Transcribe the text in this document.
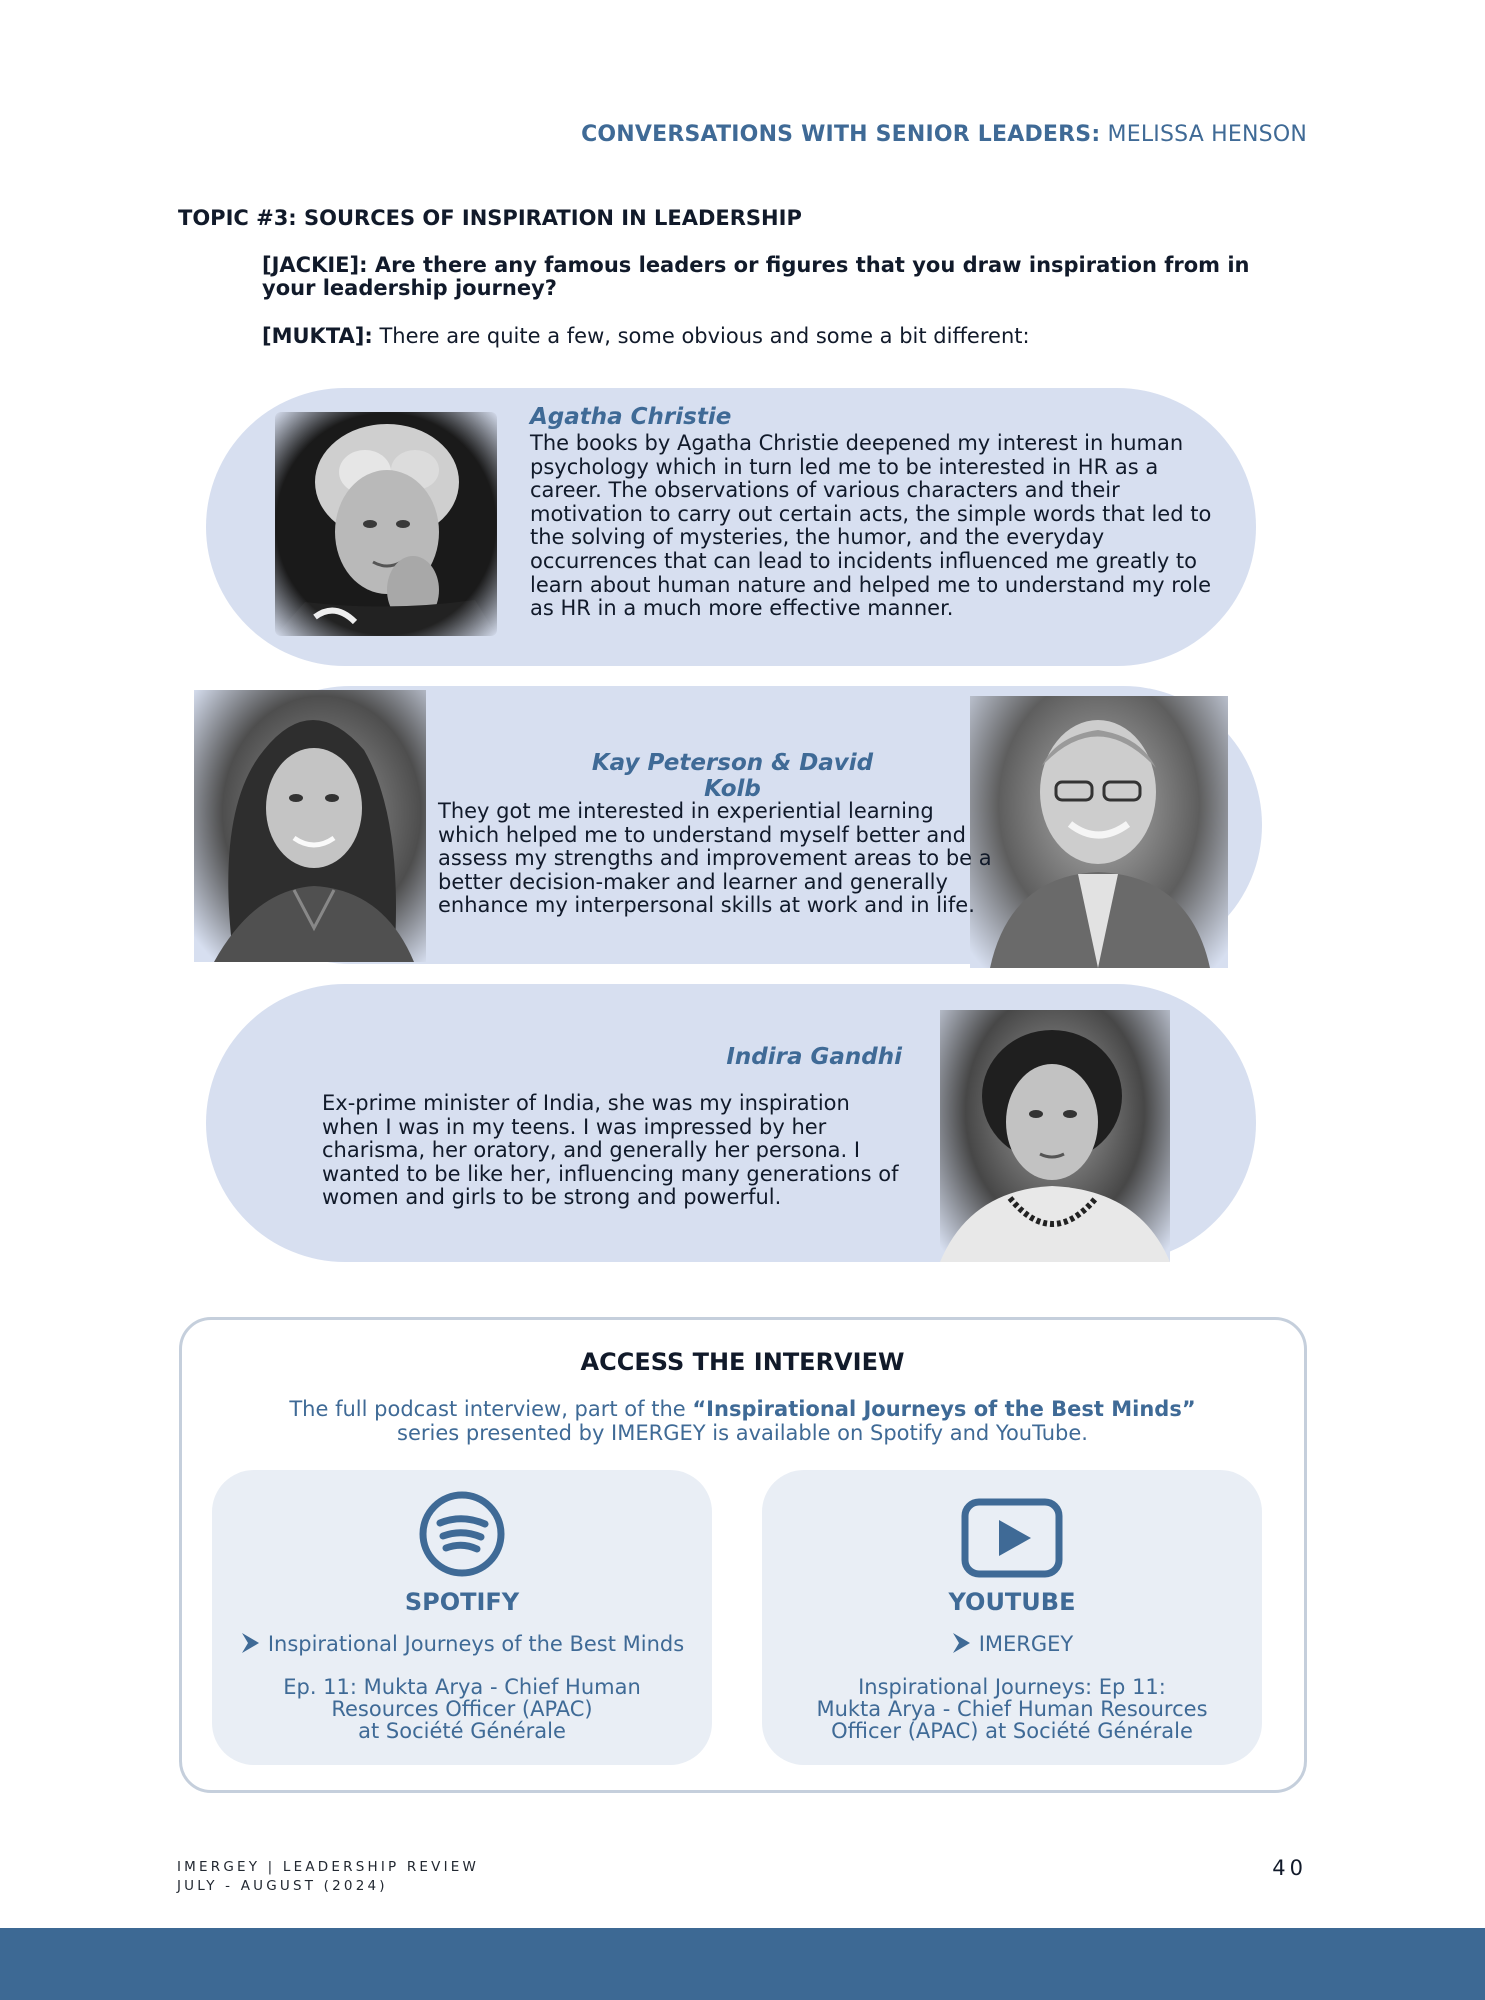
CONVERSATIONS WITH SENIOR LEADERS: MELISSA HENSON
TOPIC #3: SOURCES OF INSPIRATION IN LEADERSHIP
[JACKIE]: Are there any famous leaders or figures that you draw inspiration from in your leadership journey?
[MUKTA]: There are quite a few, some obvious and some a bit different:
Agatha Christie
The books by Agatha Christie deepened my interest in human psychology which in turn led me to be interested in HR as a career. The observations of various characters and their motivation to carry out certain acts, the simple words that led to the solving of mysteries, the humor, and the everyday occurrences that can lead to incidents influenced me greatly to learn about human nature and helped me to understand my role as HR in a much more effective manner.
Kay Peterson & David Kolb
They got me interested in experiential learning which helped me to understand myself better and assess my strengths and improvement areas to be a better decision-maker and learner and generally enhance my interpersonal skills at work and in life.
Indira Gandhi
Ex-prime minister of India, she was my inspiration when I was in my teens. I was impressed by her charisma, her oratory, and generally her persona. I wanted to be like her, influencing many generations of women and girls to be strong and powerful.
ACCESS THE INTERVIEW
The full podcast interview, part of the “Inspirational Journeys of the Best Minds”
series presented by IMERGEY is available on Spotify and YouTube.
SPOTIFY
Inspirational Journeys of the Best Minds
Ep. 11: Mukta Arya - Chief Human
Resources Officer (APAC)
at Société Générale
YOUTUBE
IMERGEY
Inspirational Journeys: Ep 11:
Mukta Arya - Chief Human Resources
Officer (APAC) at Société Générale
IMERGEY | LEADERSHIP REVIEW
JULY - AUGUST (2024)
40
